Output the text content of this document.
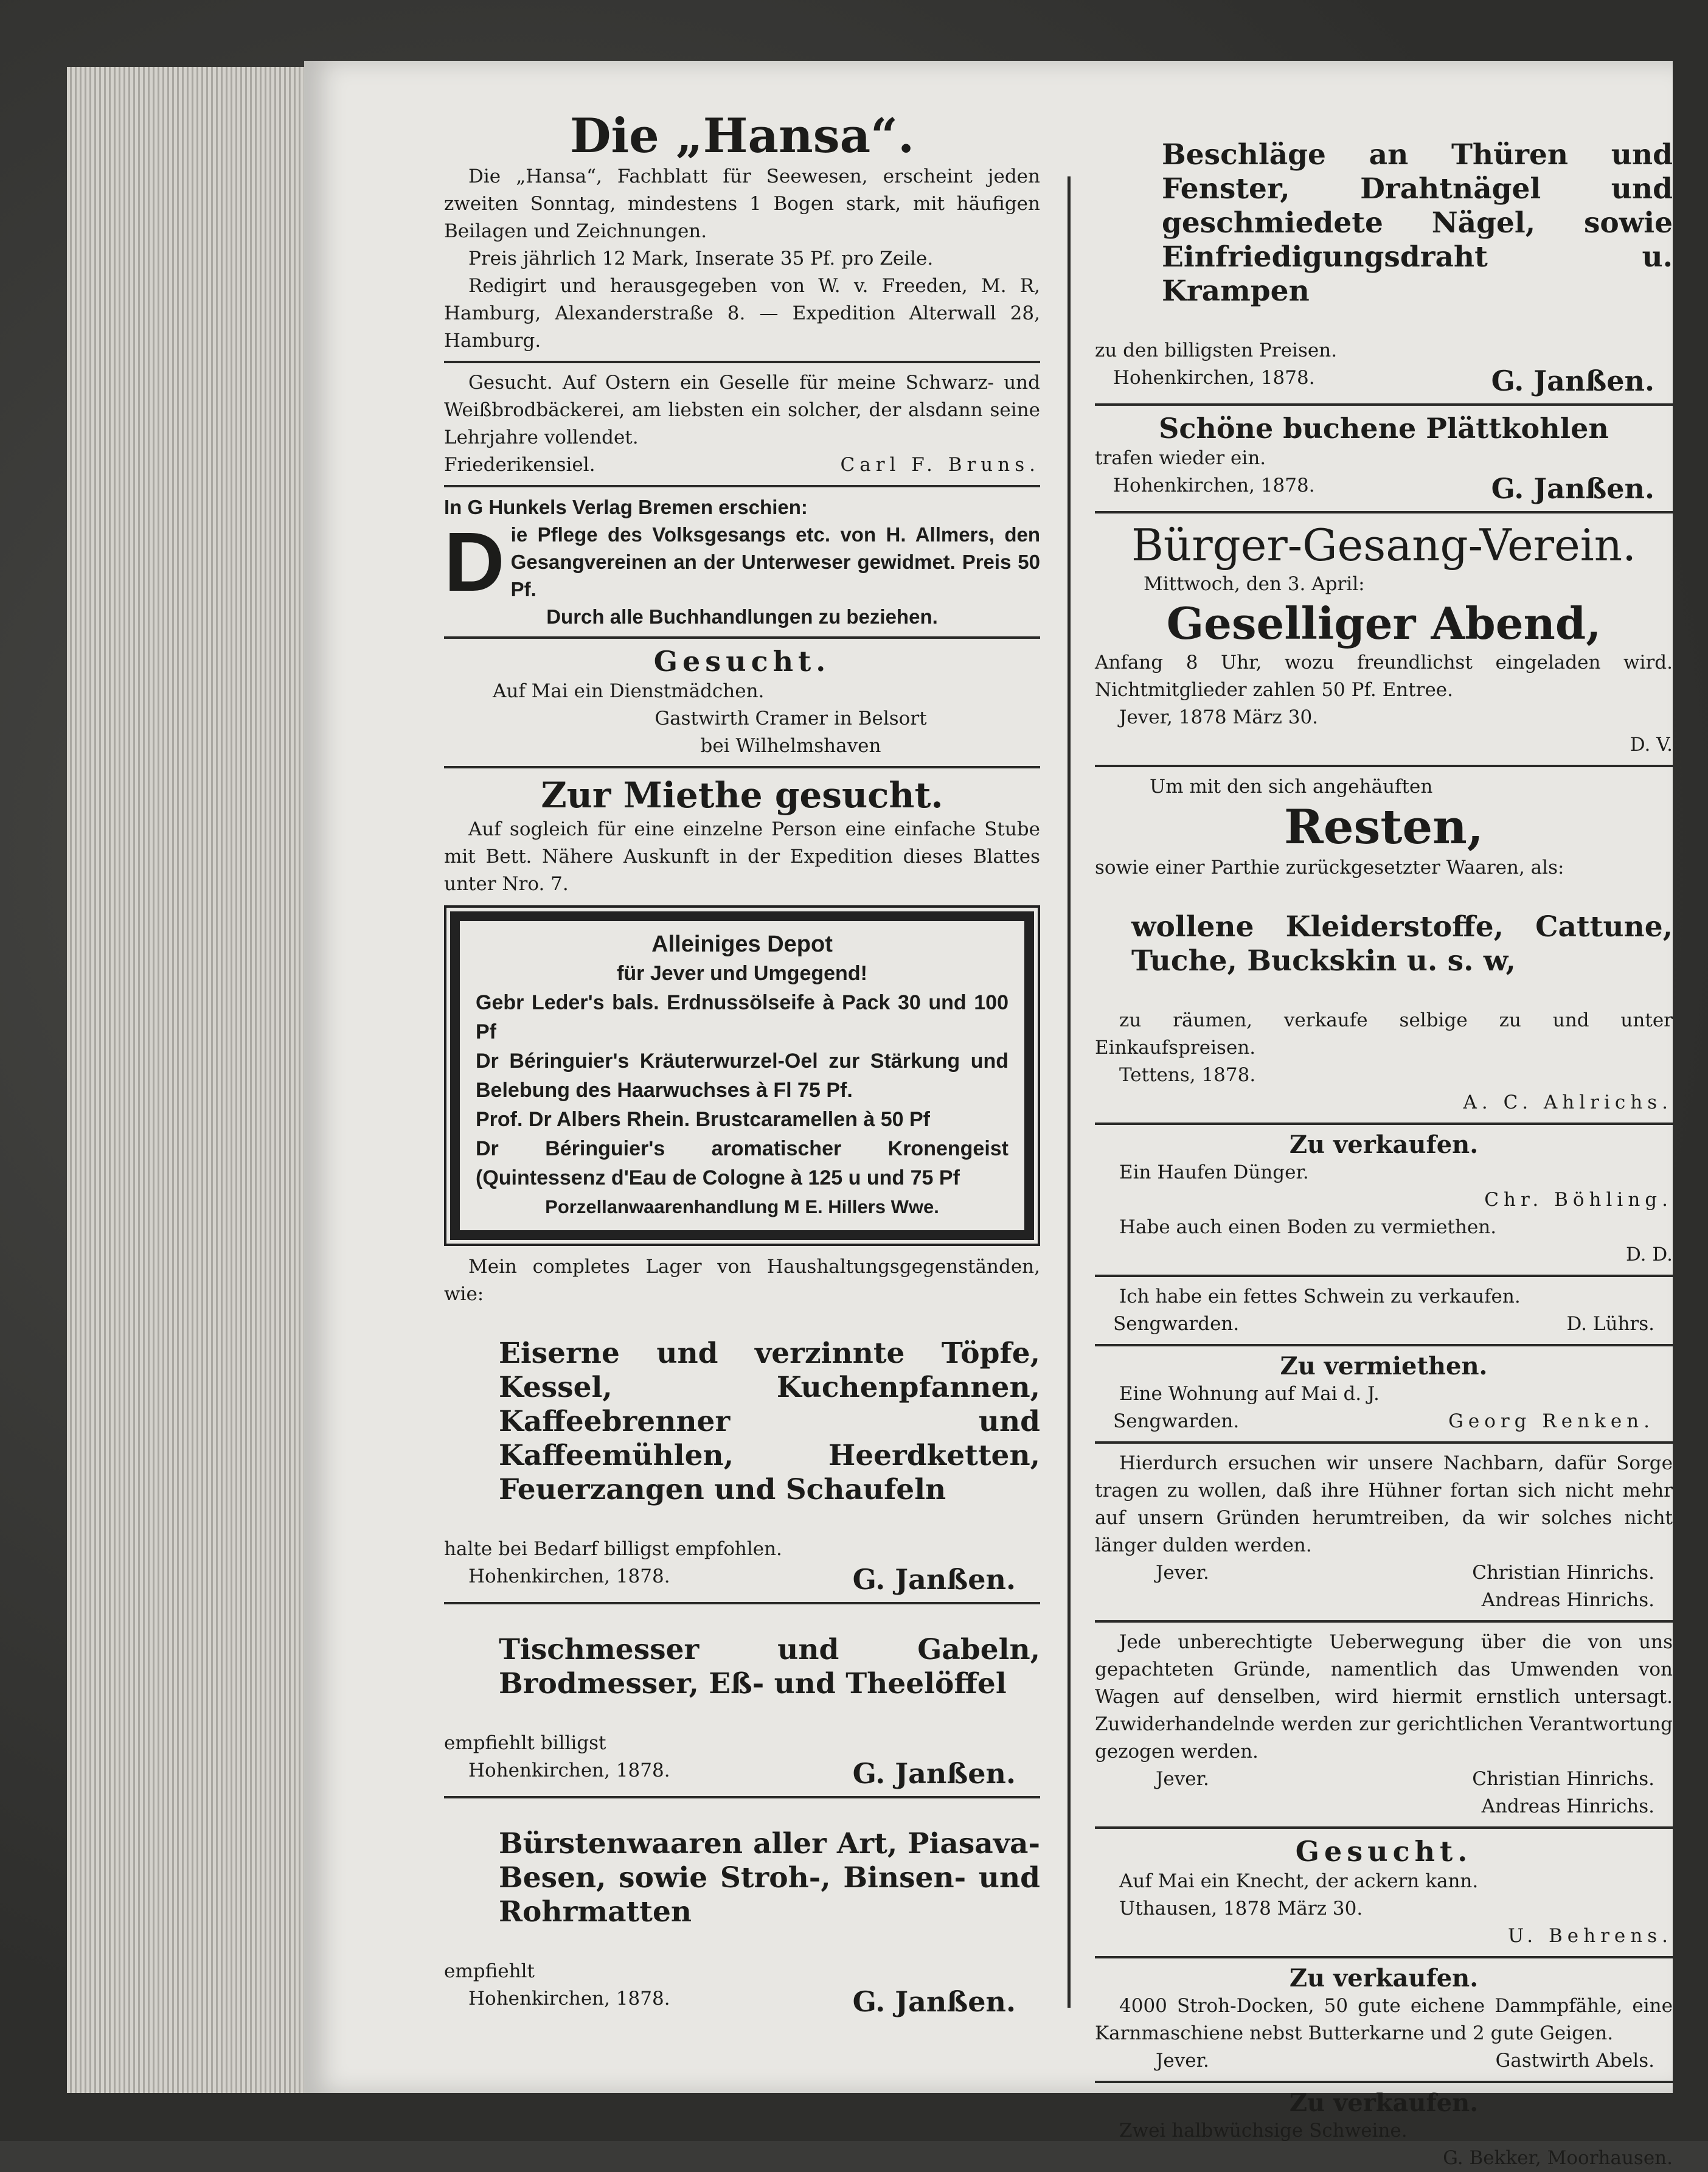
Die „Hansa“.

Die „Hansa“, Fachblatt für Seewesen, erscheint jeden zweiten Sonntag, mindestens 1 Bogen stark, mit häufigen Beilagen und Zeichnungen.

Preis jährlich 12 Mark, Inserate 35 Pf. pro Zeile.

Redigirt und herausgegeben von W. v. Freeden, M. R, Hamburg, Alexanderstraße 8. — Expedition Alterwall 28, Hamburg.

Gesucht. Auf Ostern ein Geselle für meine Schwarz- und Weißbrodbäckerei, am liebsten ein solcher, der alsdann seine Lehrjahre vollendet.

Friederikensiel.	Carl F. Bruns.

In G Hunkels Verlag Bremen erschien:

D ie Pflege des Volksgesangs etc. von H. Allmers, den Gesangvereinen an der Unterweser gewidmet. Preis 50 Pf.

Durch alle Buchhandlungen zu beziehen.

Gesucht.

Auf Mai ein Dienstmädchen.

Gastwirth Cramer in Belsort

bei Wilhelmshaven

Zur Miethe gesucht.

Auf sogleich für eine einzelne Person eine einfache Stube mit Bett. Nähere Auskunft in der Expedition dieses Blattes unter Nro. 7.

Alleiniges Depot

für Jever und Umgegend!

Gebr Leder's bals. Erdnussölseife à Pack 30 und 100 Pf

Dr Béringuier's Kräuterwurzel-Oel zur Stärkung und Belebung des Haarwuchses à Fl 75 Pf.

Prof. Dr Albers Rhein. Brustcaramellen à 50 Pf

Dr Béringuier's aromatischer Kronengeist (Quintessenz d'Eau de Cologne à 125 u und 75 Pf

Porzellanwaarenhandlung M E. Hillers Wwe.

Mein completes Lager von Haushaltungsgegenständen, wie:

Eiserne und verzinnte Töpfe, Kessel, Kuchenpfannen, Kaffeebrenner und Kaffeemühlen, Heerdketten, Feuerzangen und Schaufeln

halte bei Bedarf billigst empfohlen.

Hohenkirchen, 1878.	G. Janßen.

Tischmesser und Gabeln, Brodmesser, Eß- und Theelöffel

empfiehlt billigst

Hohenkirchen, 1878.	G. Janßen.

Bürstenwaaren aller Art, Piasava-Besen, sowie Stroh-, Binsen- und Rohrmatten

empfiehlt

Hohenkirchen, 1878.	G. Janßen.

Beschläge an Thüren und Fenster, Drahtnägel und geschmiedete Nägel, sowie Einfriedigungsdraht u. Krampen

zu den billigsten Preisen.

Hohenkirchen, 1878.	G. Janßen.

Schöne buchene Plättkohlen

trafen wieder ein.

Hohenkirchen, 1878.	G. Janßen.

Bürger-Gesang-Verein.

Mittwoch, den 3. April:

Geselliger Abend,

Anfang 8 Uhr, wozu freundlichst eingeladen wird. Nichtmitglieder zahlen 50 Pf. Entree.

Jever, 1878 März 30.

D. V.

Um mit den sich angehäuften

Resten,

sowie einer Parthie zurückgesetzter Waaren, als:

wollene Kleiderstoffe, Cattune, Tuche, Buckskin u. s. w,

zu räumen, verkaufe selbige zu und unter Einkaufspreisen.

Tettens, 1878.

A. C. Ahlrichs.

Zu verkaufen.

Ein Haufen Dünger.

Chr. Böhling.

Habe auch einen Boden zu vermiethen.

D. D.

Ich habe ein fettes Schwein zu verkaufen.

Sengwarden.	D. Lührs.

Zu vermiethen.

Eine Wohnung auf Mai d. J.

Sengwarden.	Georg Renken.

Hierdurch ersuchen wir unsere Nachbarn, dafür Sorge tragen zu wollen, daß ihre Hühner fortan sich nicht mehr auf unsern Gründen herumtreiben, da wir solches nicht länger dulden werden.

Jever.	Christian Hinrichs.

Andreas Hinrichs.

Jede unberechtigte Ueberwegung über die von uns gepachteten Gründe, namentlich das Umwenden von Wagen auf denselben, wird hiermit ernstlich untersagt. Zuwiderhandelnde werden zur gerichtlichen Verantwortung gezogen werden.

Jever.	Christian Hinrichs.

Andreas Hinrichs.

Gesucht.

Auf Mai ein Knecht, der ackern kann.

Uthausen, 1878 März 30.

U. Behrens.

Zu verkaufen.

4000 Stroh-Docken, 50 gute eichene Dammpfähle, eine Karnmaschiene nebst Butterkarne und 2 gute Geigen.

Jever.	Gastwirth Abels.

Zu verkaufen.

Zwei halbwüchsige Schweine.

G. Bekker, Moorhausen.
